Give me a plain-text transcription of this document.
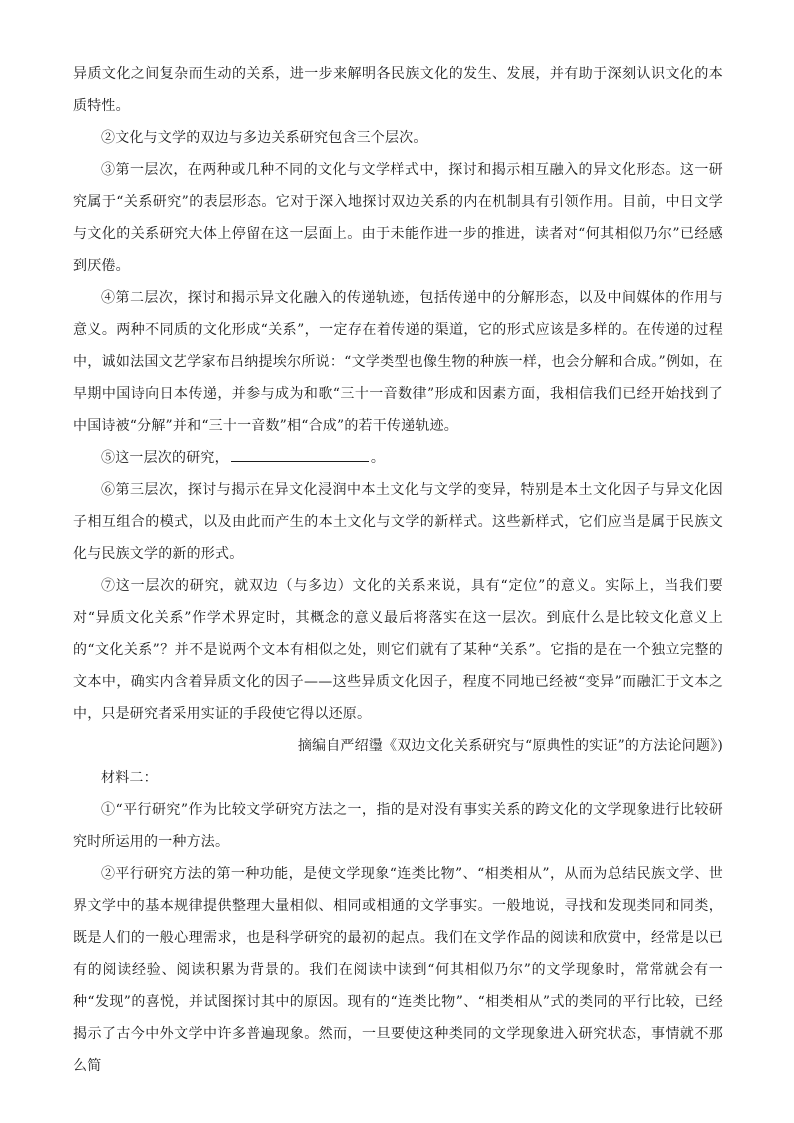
异质文化之间复杂而生动的关系，进一步来解明各民族文化的发生、发展，并有助于深刻认识文化的本质特性。

②文化与文学的双边与多边关系研究包含三个层次。

③第一层次，在两种或几种不同的文化与文学样式中，探讨和揭示相互融入的异文化形态。这一研究属于“关系研究”的表层形态。它对于深入地探讨双边关系的内在机制具有引领作用。目前，中日文学与文化的关系研究大体上停留在这一层面上。由于未能作进一步的推进，读者对“何其相似乃尔”已经感到厌倦。

④第二层次，探讨和揭示异文化融入的传递轨迹，包括传递中的分解形态，以及中间媒体的作用与意义。两种不同质的文化形成“关系”，一定存在着传递的渠道，它的形式应该是多样的。在传递的过程中，诚如法国文艺学家布吕纳提埃尔所说：“文学类型也像生物的种族一样，也会分解和合成。”例如，在早期中国诗向日本传递，并参与成为和歌“三十一音数律”形成和因素方面，我相信我们已经开始找到了中国诗被“分解”并和“三十一音数”相“合成”的若干传递轨迹。

⑤这一层次的研究，	。

⑥第三层次，探讨与揭示在异文化浸润中本土文化与文学的变异，特别是本土文化因子与异文化因子相互组合的模式，以及由此而产生的本土文化与文学的新样式。这些新样式，它们应当是属于民族文化与民族文学的新的形式。

⑦这一层次的研究，就双边（与多边）文化的关系来说，具有“定位”的意义。实际上，当我们要对“异质文化关系”作学术界定时，其概念的意义最后将落实在这一层次。到底什么是比较文化意义上的“文化关系”？并不是说两个文本有相似之处，则它们就有了某种“关系”。它指的是在一个独立完整的文本中，确实内含着异质文化的因子——这些异质文化因子，程度不同地已经被“变异”而融汇于文本之中，只是研究者采用实证的手段使它得以还原。

摘编自严绍璗《双边文化关系研究与“原典性的实证”的方法论问题》)

材料二：

①“平行研究”作为比较文学研究方法之一，指的是对没有事实关系的跨文化的文学现象进行比较研究时所运用的一种方法。

②平行研究方法的第一种功能，是使文学现象“连类比物”、“相类相从”，从而为总结民族文学、世界文学中的基本规律提供整理大量相似、相同或相通的文学事实。一般地说，寻找和发现类同和同类，既是人们的一般心理需求，也是科学研究的最初的起点。我们在文学作品的阅读和欣赏中，经常是以已有的阅读经验、阅读积累为背景的。我们在阅读中读到“何其相似乃尔”的文学现象时，常常就会有一种“发现”的喜悦，并试图探讨其中的原因。现有的“连类比物”、“相类相从”式的类同的平行比较，已经揭示了古今中外文学中许多普遍现象。然而，一旦要使这种类同的文学现象进入研究状态，事情就不那么简
